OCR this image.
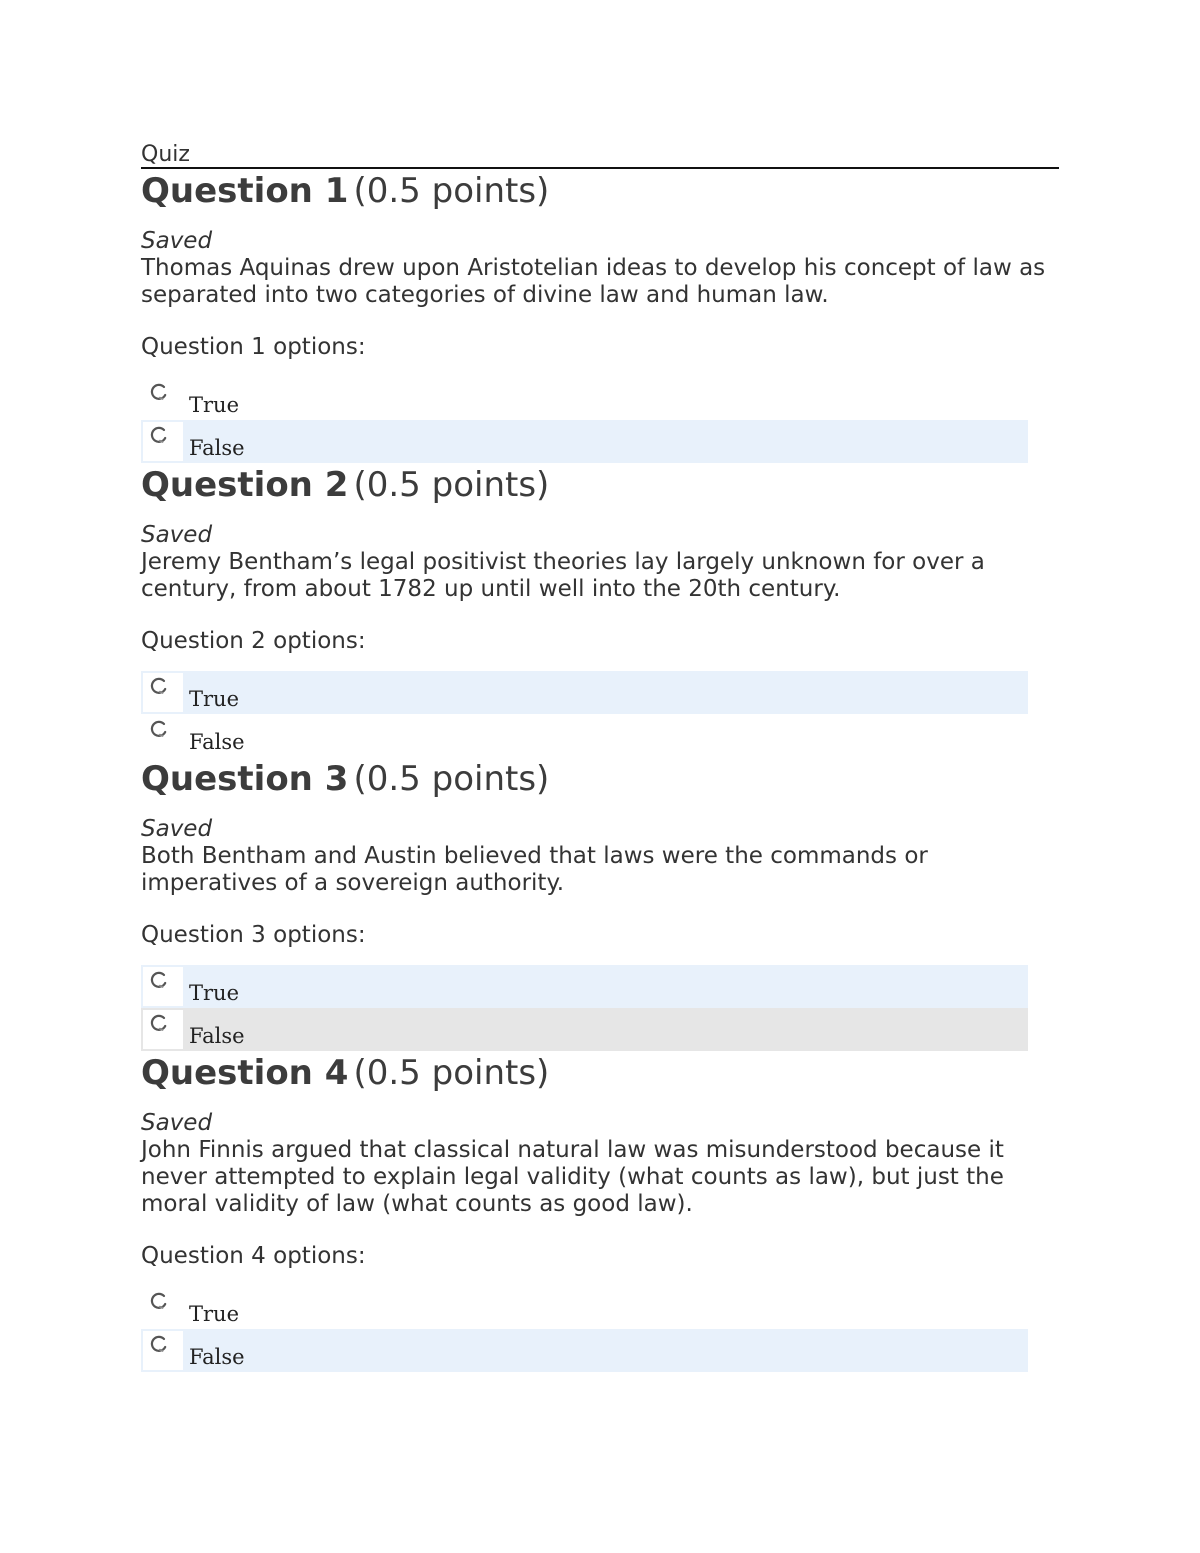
Quiz
Question 1 (0.5 points)
Saved
Thomas Aquinas drew upon Aristotelian ideas to develop his concept of law as separated into two categories of divine law and human law.
Question 1 options:
True
False
Question 2 (0.5 points)
Saved
Jeremy Bentham’s legal positivist theories lay largely unknown for over a century, from about 1782 up until well into the 20th century.
Question 2 options:
True
False
Question 3 (0.5 points)
Saved
Both Bentham and Austin believed that laws were the commands or imperatives of a sovereign authority.
Question 3 options:
True
False
Question 4 (0.5 points)
Saved
John Finnis argued that classical natural law was misunderstood because it never attempted to explain legal validity (what counts as law), but just the moral validity of law (what counts as good law).
Question 4 options:
True
False
